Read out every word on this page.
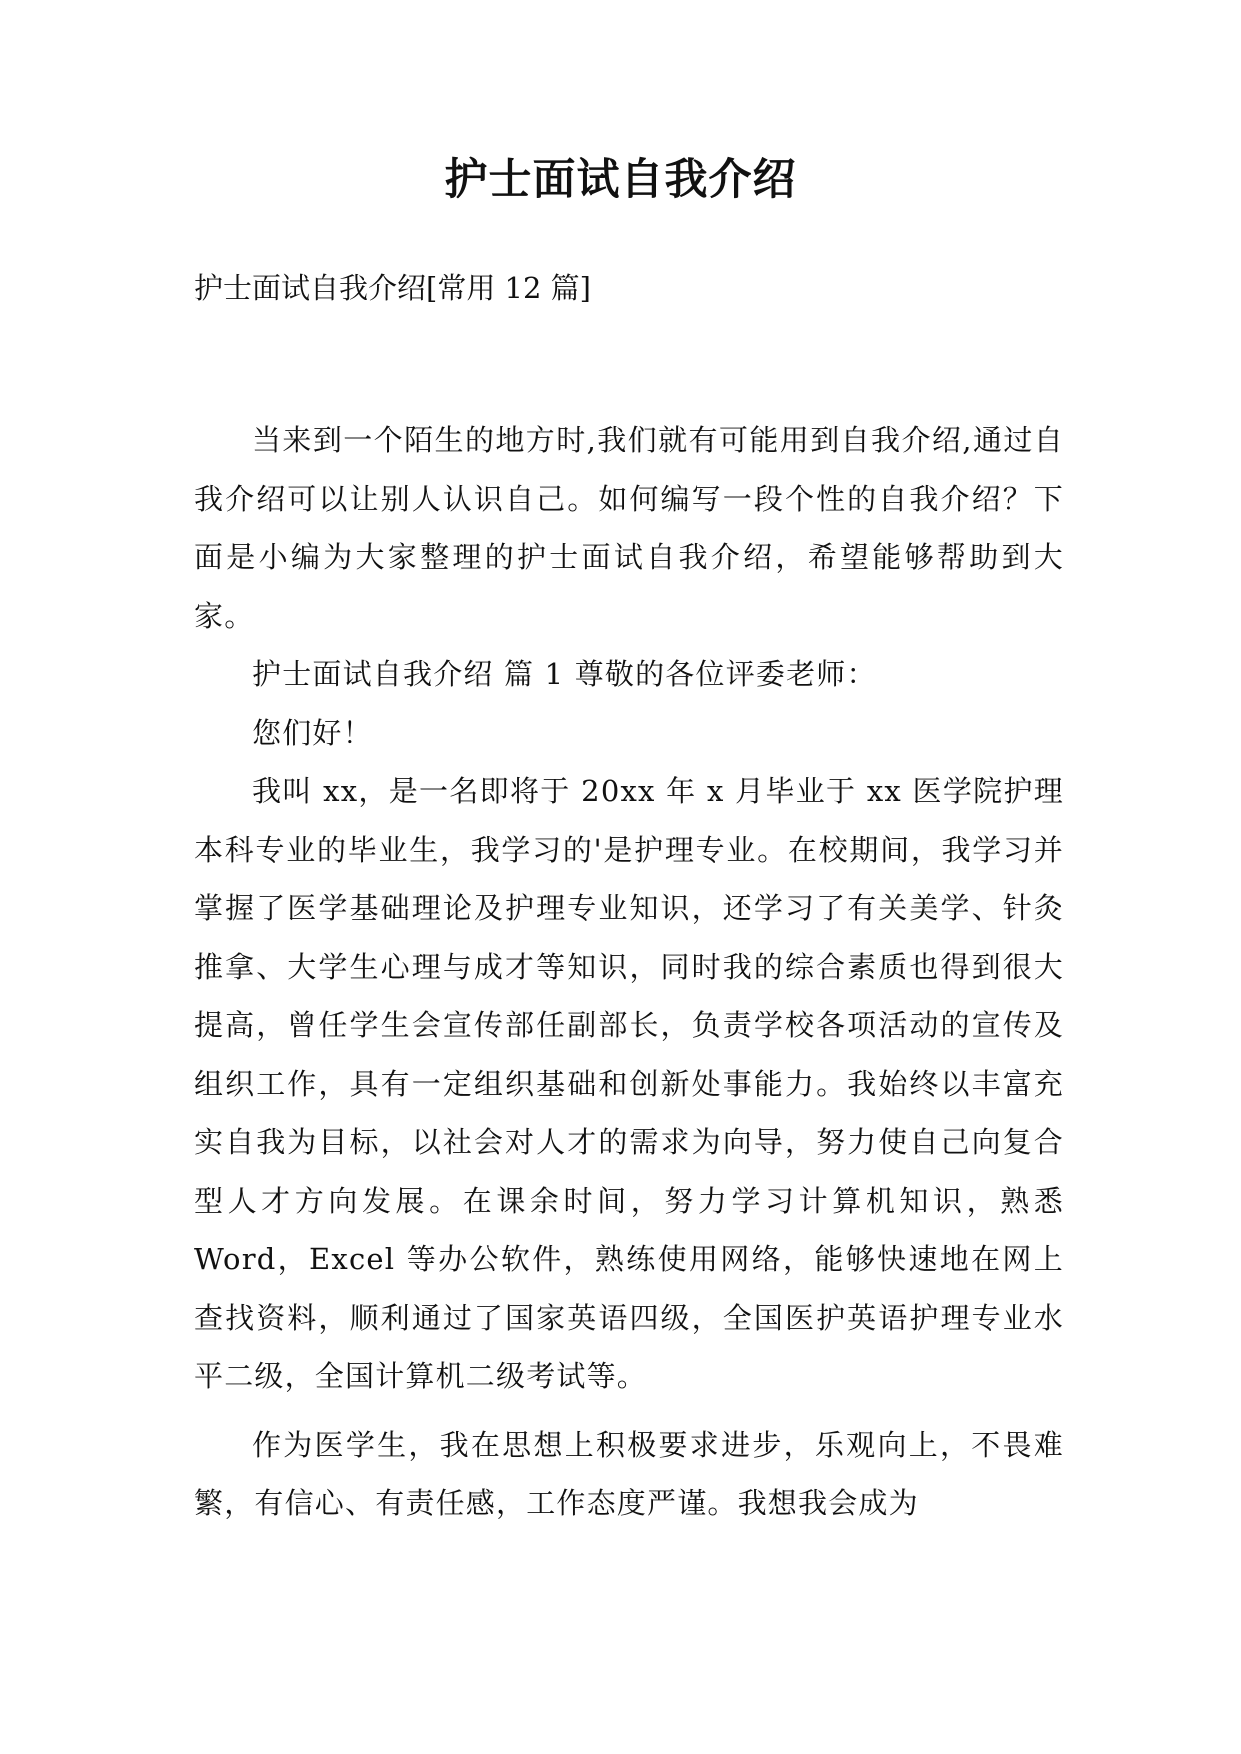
护士面试自我介绍

护士面试自我介绍[常用 12 篇]

当来到一个陌生的地方时,我们就有可能用到自我介绍,通过自我介绍可以让别人认识自己。如何编写一段个性的自我介绍？下面是小编为大家整理的护士面试自我介绍，希望能够帮助到大家。

护士面试自我介绍 篇 1 尊敬的各位评委老师：

您们好！

我叫 xx，是一名即将于 20xx 年 x 月毕业于 xx 医学院护理本科专业的毕业生，我学习的'是护理专业。在校期间，我学习并掌握了医学基础理论及护理专业知识，还学习了有关美学、针灸推拿、大学生心理与成才等知识，同时我的综合素质也得到很大提高，曾任学生会宣传部任副部长，负责学校各项活动的宣传及组织工作，具有一定组织基础和创新处事能力。我始终以丰富充实自我为目标，以社会对人才的需求为向导，努力使自己向复合型人才方向发展。在课余时间，努力学习计算机知识，熟悉 Word，Excel 等办公软件，熟练使用网络，能够快速地在网上查找资料，顺利通过了国家英语四级，全国医护英语护理专业水平二级，全国计算机二级考试等。

作为医学生，我在思想上积极要求进步，乐观向上，不畏难繁，有信心、有责任感，工作态度严谨。我想我会成为
